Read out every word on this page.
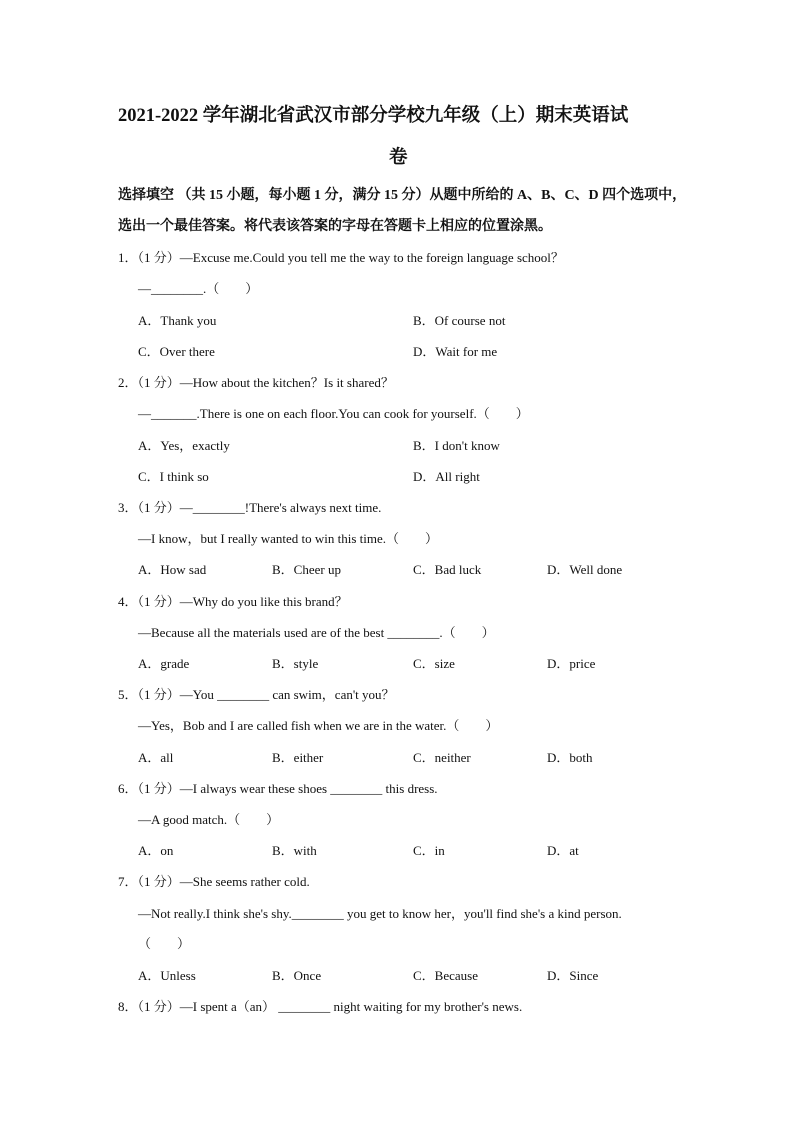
2021-2022 学年湖北省武汉市部分学校九年级（上）期末英语试
卷
选择填空 （共 15 小题，每小题 1 分，满分 15 分）从题中所给的 A、B、C、D 四个选项中，
选出一个最佳答案。将代表该答案的字母在答题卡上相应的位置涂黑。
1．（1 分）—Excuse me.Could you tell me the way to the foreign language school？
—________.（　　）
A．Thank you	B．Of course not
C．Over there	D．Wait for me
2．（1 分）—How about the kitchen？Is it shared？
—_______.There is one on each floor.You can cook for yourself.（　　）
A．Yes，exactly	B．I don't know
C．I think so	D．All right
3．（1 分）—________!There's always next time.
—I know，but I really wanted to win this time.（　　）
A．How sad	B．Cheer up	C．Bad luck	D．Well done
4．（1 分）—Why do you like this brand？
—Because all the materials used are of the best ________.（　　）
A．grade	B．style	C．size	D．price
5．（1 分）—You ________ can swim，can't you？
—Yes，Bob and I are called fish when we are in the water.（　　）
A．all	B．either	C．neither	D．both
6．（1 分）—I always wear these shoes ________ this dress.
—A good match.（　　）
A．on	B．with	C．in	D．at
7．（1 分）—She seems rather cold.
—Not really.I think she's shy.________ you get to know her，you'll find she's a kind person.
（　　）
A．Unless	B．Once	C．Because	D．Since
8．（1 分）—I spent a（an） ________ night waiting for my brother's news.
